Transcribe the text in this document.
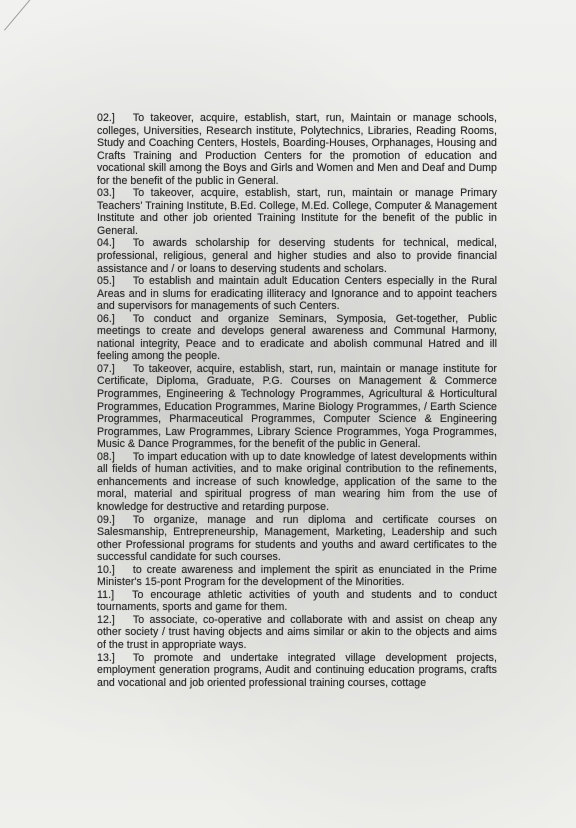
02.] To takeover, acquire, establish, start, run, Maintain or manage schools, colleges, Universities, Research institute, Polytechnics, Libraries, Reading Rooms, Study and Coaching Centers, Hostels, Boarding-Houses, Orphanages, Housing and Crafts Training and Production Centers for the promotion of education and vocational skill among the Boys and Girls and Women and Men and Deaf and Dump for the benefit of the public in General.

03.] To takeover, acquire, establish, start, run, maintain or manage Primary Teachers' Training Institute, B.Ed. College, M.Ed. College, Computer & Management Institute and other job oriented Training Institute for the benefit of the public in General.

04.] To awards scholarship for deserving students for technical, medical, professional, religious, general and higher studies and also to provide financial assistance and / or loans to deserving students and scholars.

05.] To establish and maintain adult Education Centers especially in the Rural Areas and in slums for eradicating illiteracy and Ignorance and to appoint teachers and supervisors for managements of such Centers.

06.] To conduct and organize Seminars, Symposia, Get-together, Public meetings to create and develops general awareness and Communal Harmony, national integrity, Peace and to eradicate and abolish communal Hatred and ill feeling among the people.

07.] To takeover, acquire, establish, start, run, maintain or manage institute for Certificate, Diploma, Graduate, P.G. Courses on Management & Commerce Programmes, Engineering & Technology Programmes, Agricultural & Horticultural Programmes, Education Programmes, Marine Biology Programmes, / Earth Science Programmes, Pharmaceutical Programmes, Computer Science & Engineering Programmes, Law Programmes, Library Science Programmes, Yoga Programmes, Music & Dance Programmes, for the benefit of the public in General.

08.] To impart education with up to date knowledge of latest developments within all fields of human activities, and to make original contribution to the refinements, enhancements and increase of such knowledge, application of the same to the moral, material and spiritual progress of man wearing him from the use of knowledge for destructive and retarding purpose.

09.] To organize, manage and run diploma and certificate courses on Salesmanship, Entrepreneurship, Management, Marketing, Leadership and such other Professional programs for students and youths and award certificates to the successful candidate for such courses.

10.] to create awareness and implement the spirit as enunciated in the Prime Minister's 15-pont Program for the development of the Minorities.

11.] To encourage athletic activities of youth and students and to conduct tournaments, sports and game for them.

12.] To associate, co-operative and collaborate with and assist on cheap any other society / trust having objects and aims similar or akin to the objects and aims of the trust in appropriate ways.

13.] To promote and undertake integrated village development projects, employment generation programs, Audit and continuing education programs, crafts and vocational and job oriented professional training courses, cottage
